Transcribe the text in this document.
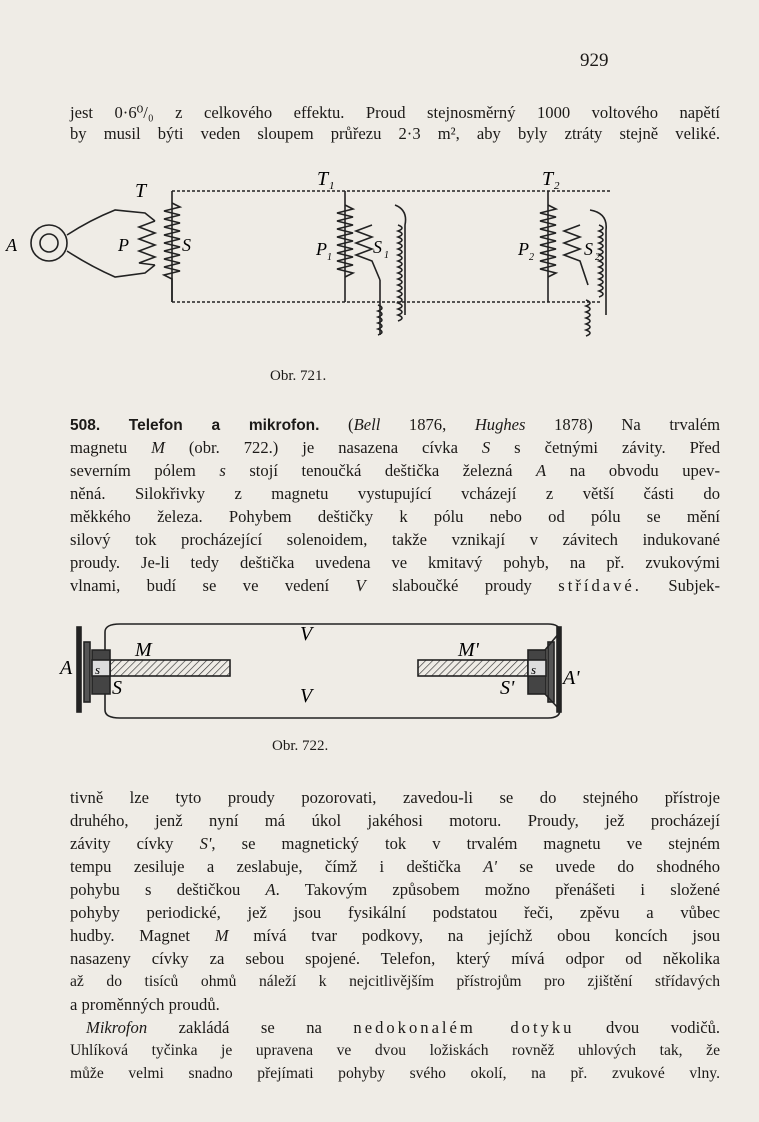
929
jest 0·6⁰/₀ z celkového effektu. Proud stejnosměrný 1000 voltového napětí
by musil býti veden sloupem průřezu 2·3 m², aby byly ztráty stejně veliké.
A
T
P	S
T 1
P 1
S 1
T 2
P 2	S 2
Obr. 721.
508. Telefon a mikrofon. (Bell 1876, Hughes 1878) Na trvalém
magnetu M (obr. 722.) je nasazena cívka S s četnými závity. Před
severním pólem s stojí tenoučká deštička železná A na obvodu upev-
něná. Silokřivky z magnetu vystupující vcházejí z větší části do
měkkého železa. Pohybem deštičky k pólu nebo od pólu se mění
silový tok procházející solenoidem, takže vznikají v závitech indukované
proudy. Je-li tedy deštička uvedena ve kmitavý pohyb, na př. zvukovými
vlnami, budí se ve vedení V slaboučké proudy střídavé. Subjek-
A
M
s
S
V
V
M'
S'
s A'
Obr. 722.
tivně lze tyto proudy pozorovati, zavedou-li se do stejného přístroje
druhého, jenž nyní má úkol jakéhosi motoru. Proudy, jež procházejí
závity cívky S', se magnetický tok v trvalém magnetu ve stejném
tempu zesiluje a zeslabuje, čímž i deštička A' se uvede do shodného
pohybu s deštičkou A. Takovým způsobem možno přenášeti i složené
pohyby periodické, jež jsou fysikální podstatou řeči, zpěvu a vůbec
hudby. Magnet M mívá tvar podkovy, na jejíchž obou koncích jsou
nasazeny cívky za sebou spojené. Telefon, který mívá odpor od několika
až do tisíců ohmů náleží k nejcitlivějším přístrojům pro zjištění střídavých
a proměnných proudů.
Mikrofon zakládá se na nedokonalém dotyku dvou vodičů.
Uhlíková tyčinka je upravena ve dvou ložiskách rovněž uhlových tak, že
může velmi snadno přejímati pohyby svého okolí, na př. zvukové vlny.
